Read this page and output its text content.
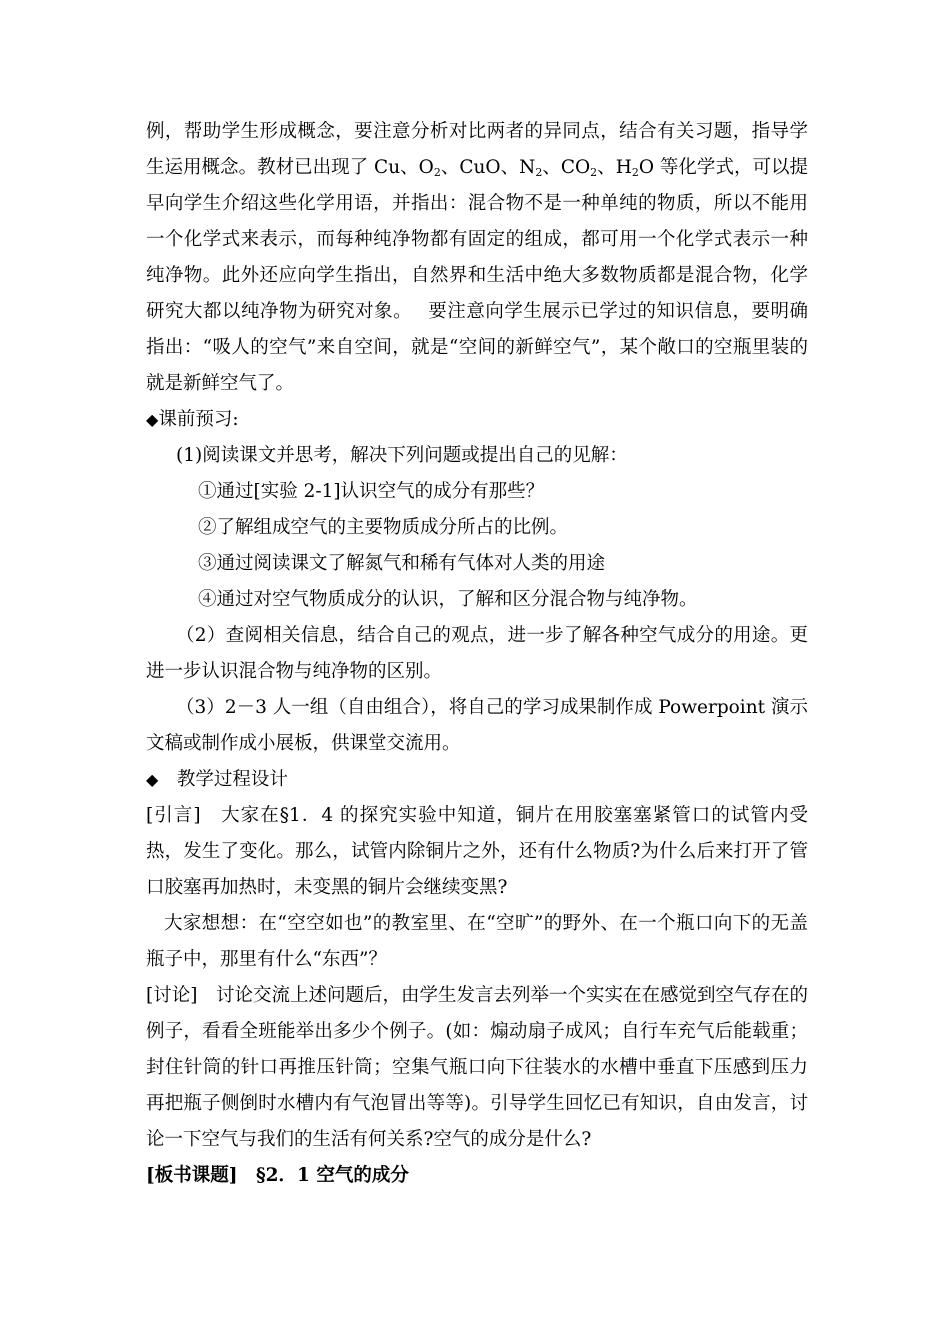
例，帮助学生形成概念，要注意分析对比两者的异同点，结合有关习题，指导学生运用概念。教材已出现了 Cu、$O_2$、CuO、$N_2$、$CO_2$、$H_2O$ 等化学式，可以提早向学生介绍这些化学用语，并指出：混合物不是一种单纯的物质，所以不能用一个化学式来表示，而每种纯净物都有固定的组成，都可用一个化学式表示一种纯净物。此外还应向学生指出，自然界和生活中绝大多数物质都是混合物，化学研究大都以纯净物为研究对象。　 要注意向学生展示已学过的知识信息，要明确指出：“吸人的空气”来自空间，就是“空间的新鲜空气”，某个敞口的空瓶里装的就是新鲜空气了。

◆课前预习:

(1)阅读课文并思考，解决下列问题或提出自己的见解：

①通过[实验 2-1]认识空气的成分有那些？

②了解组成空气的主要物质成分所占的比例。

③通过阅读课文了解氮气和稀有气体对人类的用途

④通过对空气物质成分的认识，了解和区分混合物与纯净物。

（2）查阅相关信息，结合自己的观点，进一步了解各种空气成分的用途。更进一步认识混合物与纯净物的区别。

（3）2－3 人一组（自由组合），将自己的学习成果制作成 Powerpoint 演示文稿或制作成小展板，供课堂交流用。

◆　教学过程设计

[引言]　大家在§1．4 的探究实验中知道，铜片在用胶塞塞紧管口的试管内受热，发生了变化。那么，试管内除铜片之外，还有什么物质?为什么后来打开了管口胶塞再加热时，未变黑的铜片会继续变黑?

大家想想：在“空空如也”的教室里、在“空旷”的野外、在一个瓶口向下的无盖瓶子中，那里有什么“东西”？

[讨论]　讨论交流上述问题后，由学生发言去列举一个实实在在感觉到空气存在的例子，看看全班能举出多少个例子。(如：煽动扇子成风；自行车充气后能载重；封住针筒的针口再推压针筒；空集气瓶口向下往装水的水槽中垂直下压感到压力再把瓶子侧倒时水槽内有气泡冒出等等)。引导学生回忆已有知识，自由发言，讨论一下空气与我们的生活有何关系?空气的成分是什么?

[板书课题]　§2．1 空气的成分
